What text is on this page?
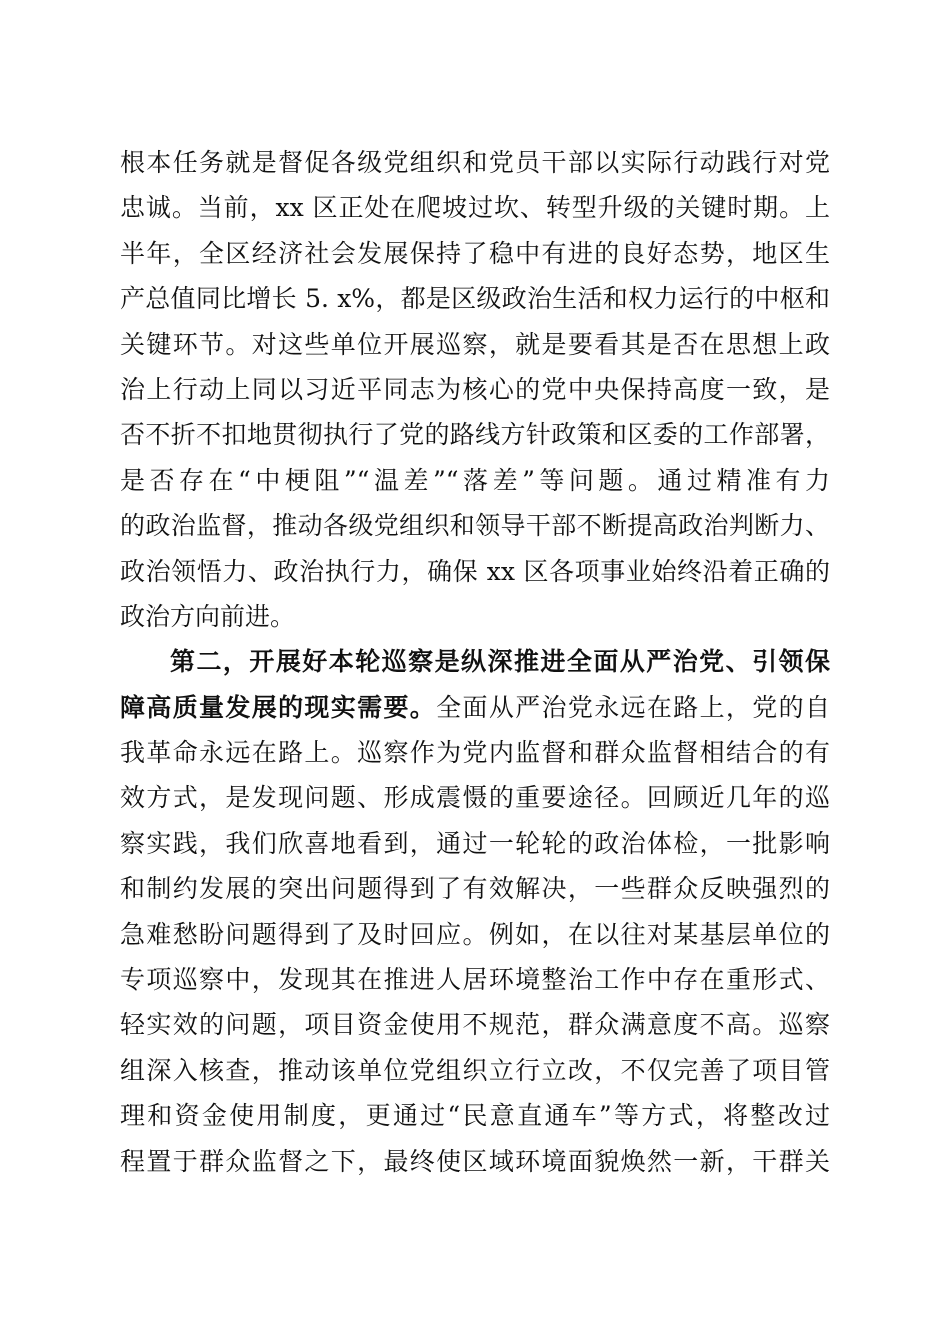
根本任务就是督促各级党组织和党员干部以实际行动践行对党
忠诚。当前，xx 区正处在爬坡过坎、转型升级的关键时期。上
半年，全区经济社会发展保持了稳中有进的良好态势，地区生
产总值同比增长 5. x%，都是区级政治生活和权力运行的中枢和
关键环节。对这些单位开展巡察，就是要看其是否在思想上政
治上行动上同以习近平同志为核心的党中央保持高度一致，是
否不折不扣地贯彻执行了党的路线方针政策和区委的工作部署，
是否存在“中梗阻”“温差”“落差”等问题。通过精准有力
的政治监督，推动各级党组织和领导干部不断提高政治判断力、
政治领悟力、政治执行力，确保 xx 区各项事业始终沿着正确的
政治方向前进。
第二，开展好本轮巡察是纵深推进全面从严治党、引领保
障高质量发展的现实需要。全面从严治党永远在路上，党的自
我革命永远在路上。巡察作为党内监督和群众监督相结合的有
效方式，是发现问题、形成震慑的重要途径。回顾近几年的巡
察实践，我们欣喜地看到，通过一轮轮的政治体检，一批影响
和制约发展的突出问题得到了有效解决，一些群众反映强烈的
急难愁盼问题得到了及时回应。例如，在以往对某基层单位的
专项巡察中，发现其在推进人居环境整治工作中存在重形式、
轻实效的问题，项目资金使用不规范，群众满意度不高。巡察
组深入核查，推动该单位党组织立行立改，不仅完善了项目管
理和资金使用制度，更通过“民意直通车”等方式，将整改过
程置于群众监督之下，最终使区域环境面貌焕然一新，干群关
